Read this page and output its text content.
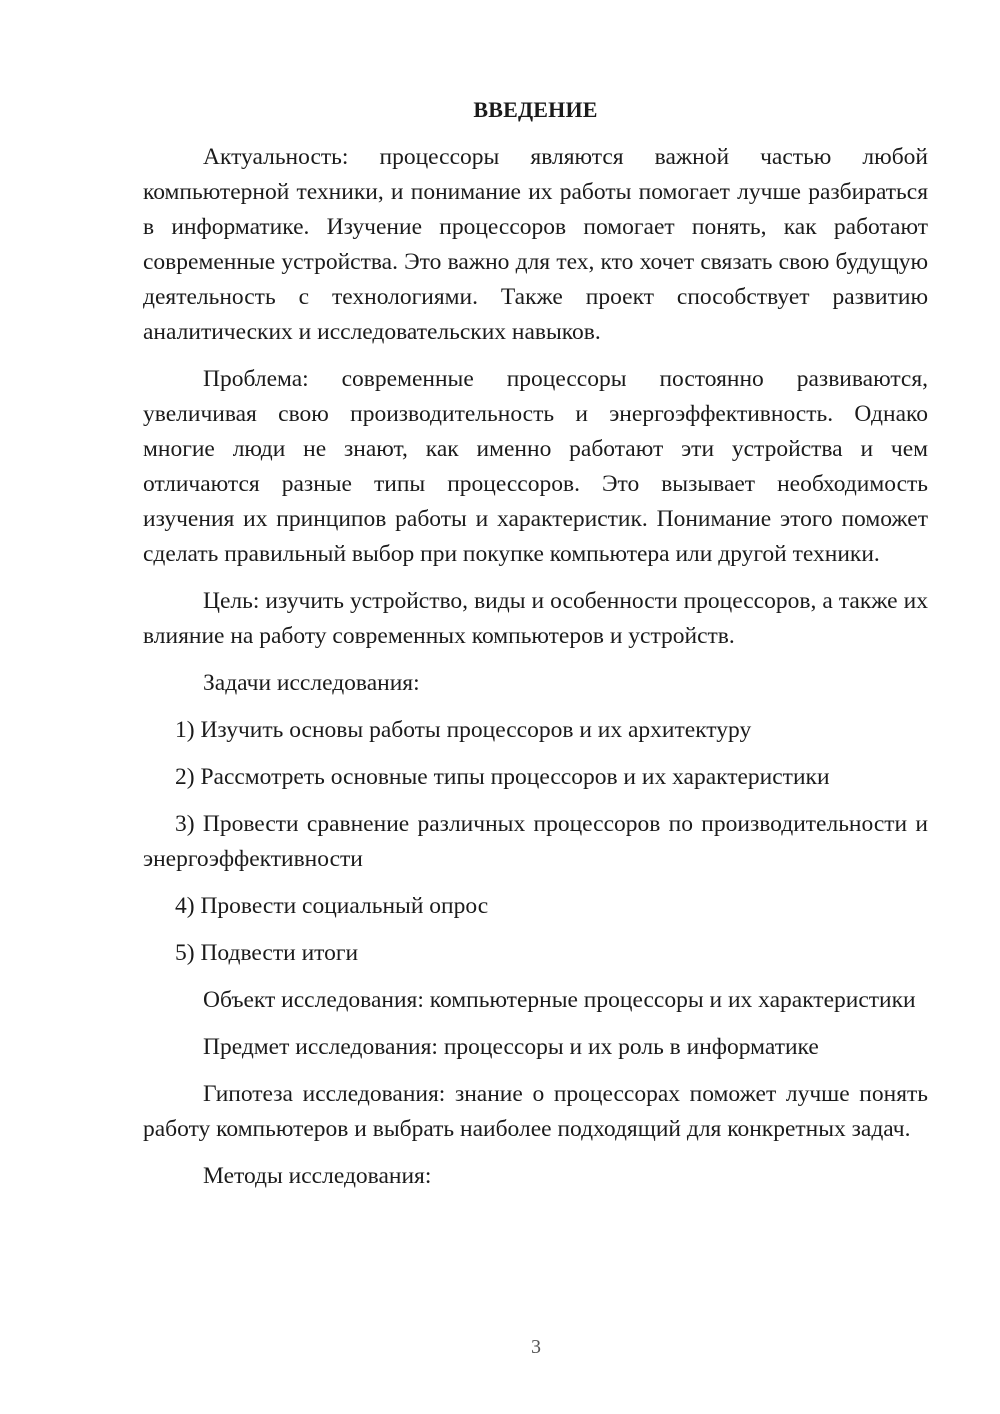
ВВЕДЕНИЕ

Актуальность: процессоры являются важной частью любой компьютерной техники, и понимание их работы помогает лучше разбираться в информатике. Изучение процессоров помогает понять, как работают современные устройства. Это важно для тех, кто хочет связать свою будущую деятельность с технологиями. Также проект способствует развитию аналитических и исследовательских навыков.

Проблема: современные процессоры постоянно развиваются, увеличивая свою производительность и энергоэффективность. Однако многие люди не знают, как именно работают эти устройства и чем отличаются разные типы процессоров. Это вызывает необходимость изучения их принципов работы и характеристик. Понимание этого поможет сделать правильный выбор при покупке компьютера или другой техники.

Цель: изучить устройство, виды и особенности процессоров, а также их влияние на работу современных компьютеров и устройств.

Задачи исследования:

1) Изучить основы работы процессоров и их архитектуру

2) Рассмотреть основные типы процессоров и их характеристики

3) Провести сравнение различных процессоров по производительности и энергоэффективности

4) Провести социальный опрос

5) Подвести итоги

Объект исследования: компьютерные процессоры и их характеристики

Предмет исследования: процессоры и их роль в информатике

Гипотеза исследования: знание о процессорах поможет лучше понять работу компьютеров и выбрать наиболее подходящий для конкретных задач.

Методы исследования:

3
